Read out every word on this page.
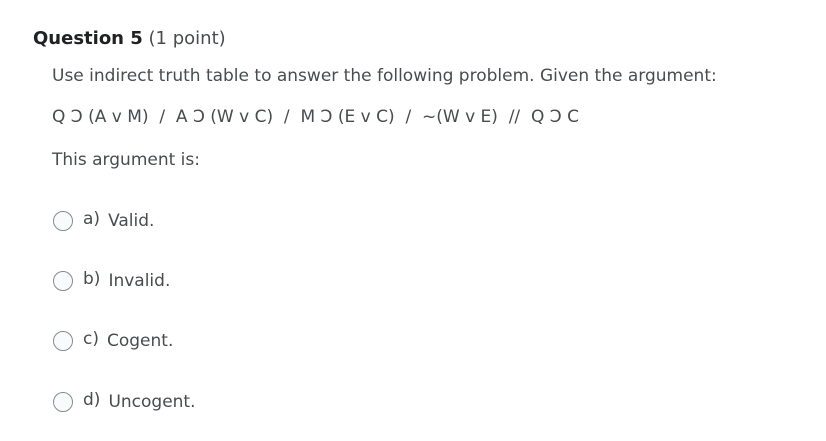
Question 5 (1 point)
Use indirect truth table to answer the following problem. Given the argument:
Q Ↄ (A v M)  /  A Ↄ (W v C)  /  M Ↄ (E v C)  /  ~(W v E)  //  Q Ↄ C
This argument is:
a) Valid.
b) Invalid.
c) Cogent.
d) Uncogent.
